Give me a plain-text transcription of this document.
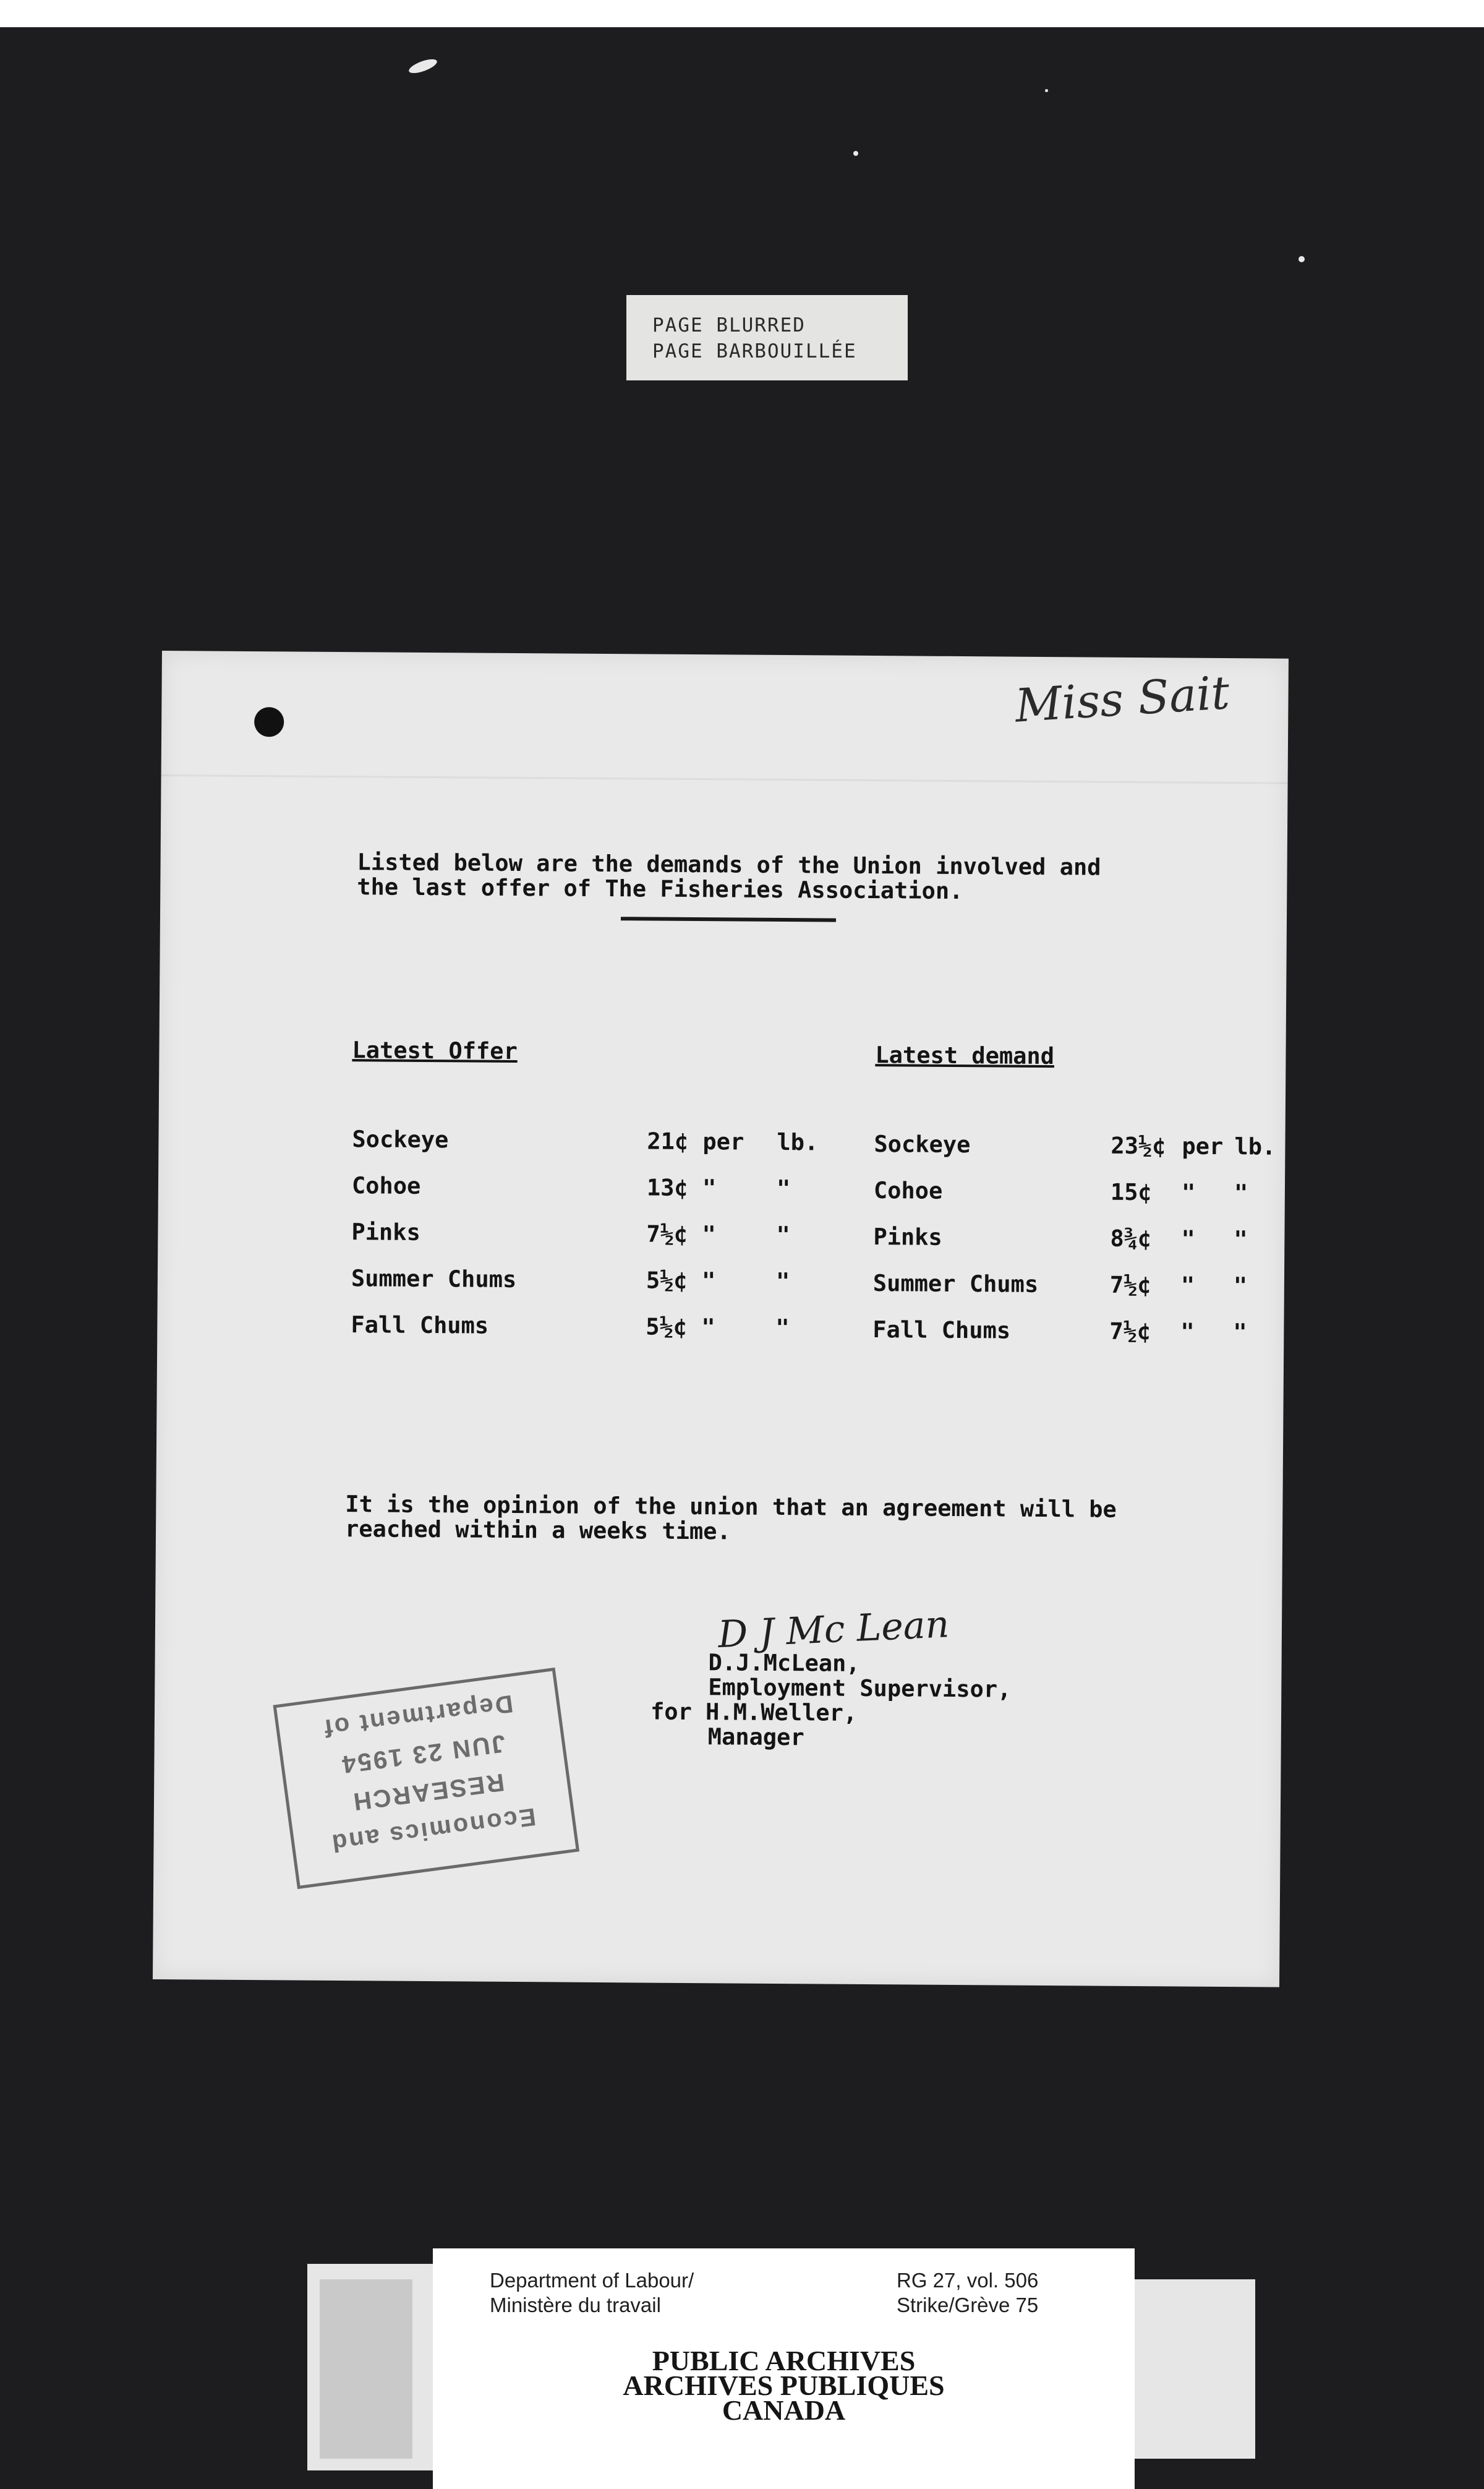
PAGE BLURRED
PAGE BARBOUILLÉE
Miss Sait
Listed below are the demands of the Union involved and
the last offer of The Fisheries Association.
Latest Offer	Latest demand
Sockeye	21¢ per lb.
Cohoe	13¢ "	"
Pinks	7½¢ "	"
Summer Chums	5½¢ "	"
Fall Chums	5½¢ "	"
Sockeye	23½¢ per lb.
Cohoe	15¢ " "
Pinks	8¾¢ " "
Summer Chums	7½¢ " "
Fall Chums	7½¢ " "
It is the opinion of the union that an agreement will be
reached within a weeks time.
D J Mc Lean
D.J.McLean,
Employment Supervisor,
for H.M.Weller,
Manager
Economics and
RESEARCH
JUN 23 1954
Department of
Department of Labour/
Ministère du travail
RG 27, vol. 506
Strike/Grève 75
PUBLIC ARCHIVES
ARCHIVES PUBLIQUES
CANADA
